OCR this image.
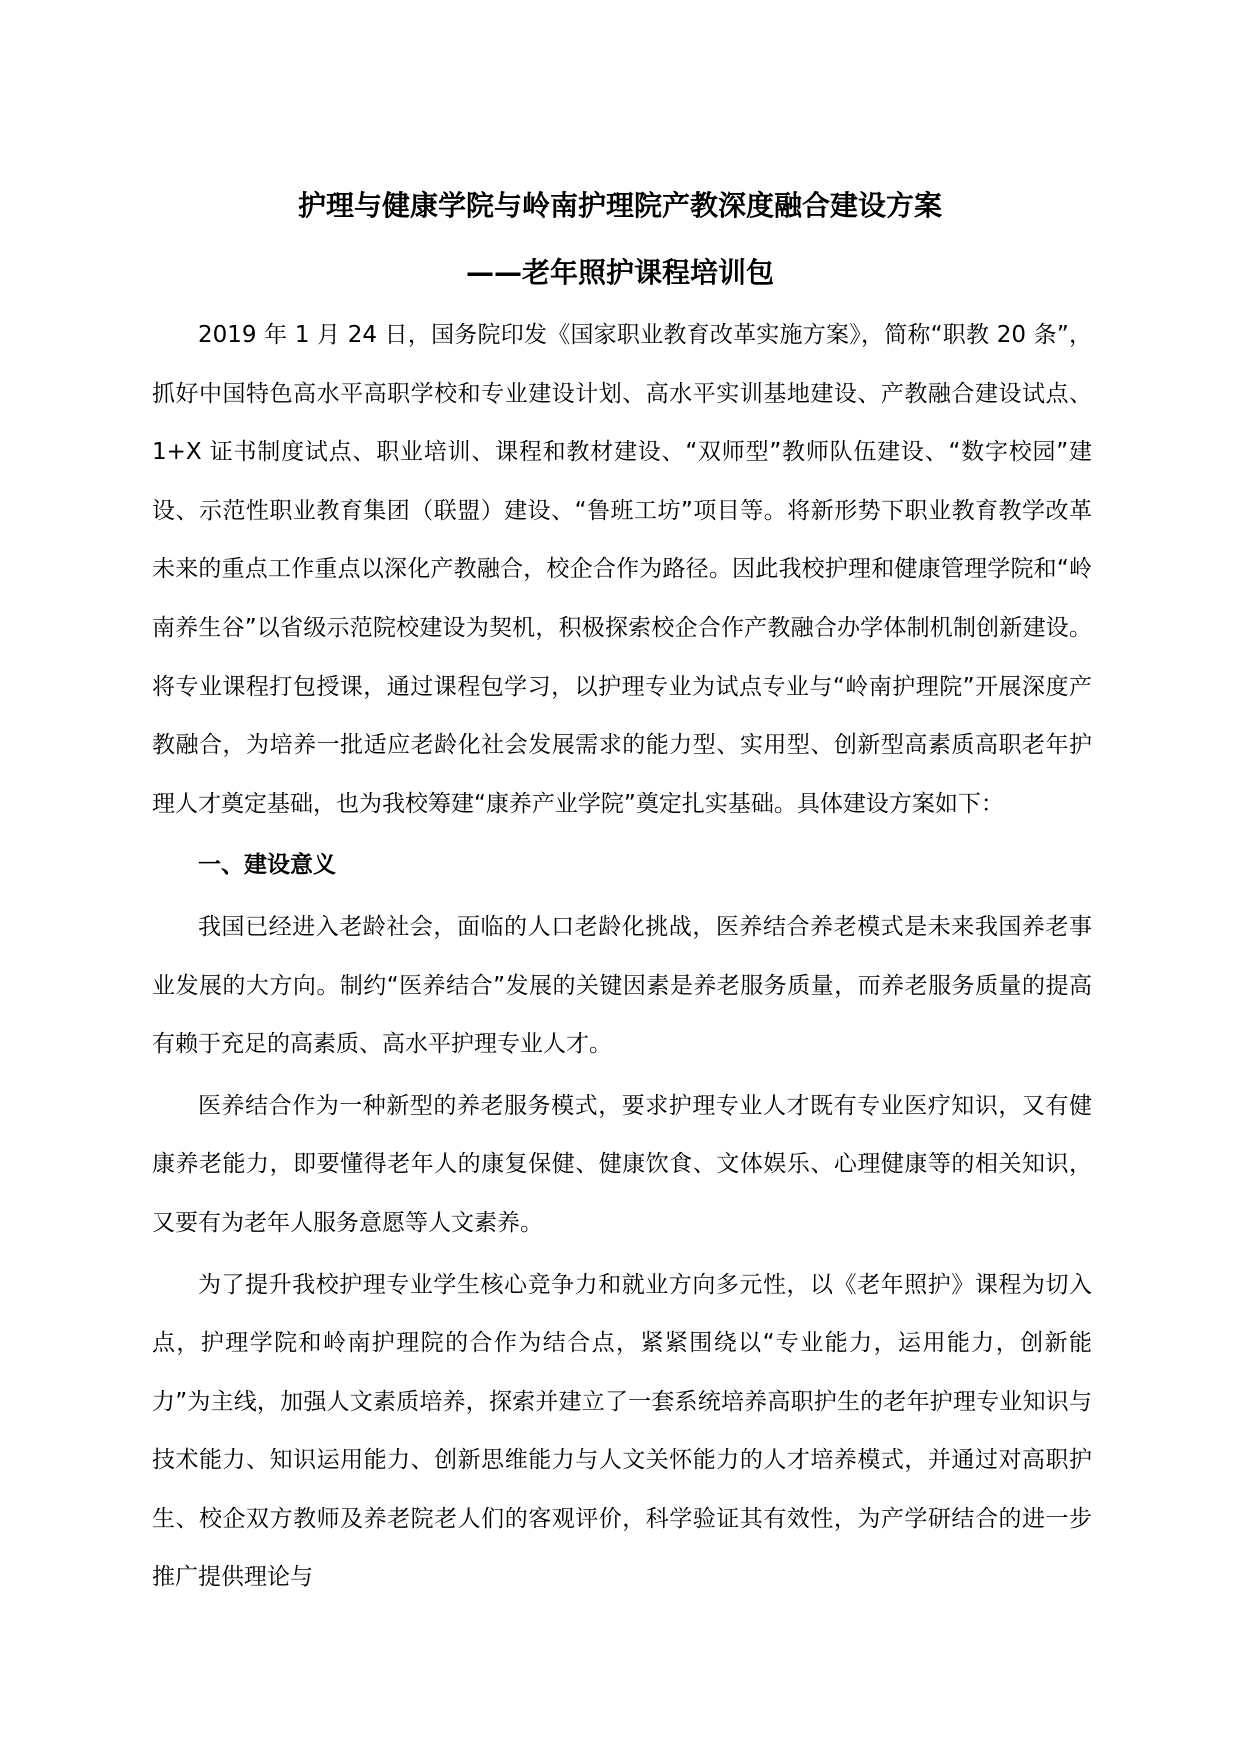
护理与健康学院与岭南护理院产教深度融合建设方案
——老年照护课程培训包

2019 年 1 月 24 日，国务院印发《国家职业教育改革实施方案》，简称“职教 20 条”，抓好中国特色高水平高职学校和专业建设计划、高水平实训基地建设、产教融合建设试点、1+X 证书制度试点、职业培训、课程和教材建设、“双师型”教师队伍建设、“数字校园”建设、示范性职业教育集团（联盟）建设、“鲁班工坊”项目等。将新形势下职业教育教学改革未来的重点工作重点以深化产教融合，校企合作为路径。因此我校护理和健康管理学院和“岭南养生谷”以省级示范院校建设为契机，积极探索校企合作产教融合办学体制机制创新建设。将专业课程打包授课，通过课程包学习，以护理专业为试点专业与“岭南护理院”开展深度产教融合，为培养一批适应老龄化社会发展需求的能力型、实用型、创新型高素质高职老年护理人才奠定基础，也为我校筹建“康养产业学院”奠定扎实基础。具体建设方案如下：

一、建设意义

我国已经进入老龄社会，面临的人口老龄化挑战，医养结合养老模式是未来我国养老事业发展的大方向。制约“医养结合”发展的关键因素是养老服务质量，而养老服务质量的提高有赖于充足的高素质、高水平护理专业人才。

医养结合作为一种新型的养老服务模式，要求护理专业人才既有专业医疗知识，又有健康养老能力，即要懂得老年人的康复保健、健康饮食、文体娱乐、心理健康等的相关知识，又要有为老年人服务意愿等人文素养。

为了提升我校护理专业学生核心竞争力和就业方向多元性，以《老年照护》课程为切入点，护理学院和岭南护理院的合作为结合点，紧紧围绕以“专业能力，运用能力，创新能力”为主线，加强人文素质培养，探索并建立了一套系统培养高职护生的老年护理专业知识与技术能力、知识运用能力、创新思维能力与人文关怀能力的人才培养模式，并通过对高职护生、校企双方教师及养老院老人们的客观评价，科学验证其有效性，为产学研结合的进一步推广提供理论与
